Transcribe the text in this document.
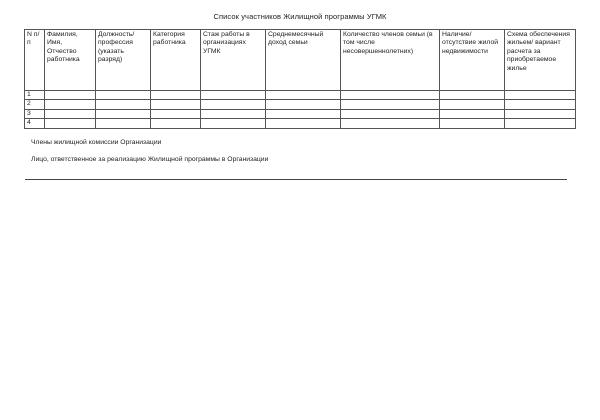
Список участников Жилищной программы УГМК
N п/п	Фамилия, Имя, Отчество работника	Должность/ профессия (указать разряд)	Категория работника	Стаж работы в организациях УГМК	Среднемесячный доход семьи	Количество членов семьи (в том числе несовершеннолетних)	Наличие/ отсутствие жилой недвижимости	Схема обеспечения жильем/ вариант расчета за приобретаемое жилье
1								
2								
3								
4								
Члены жилищной комиссии Организации
Лицо, ответственное за реализацию Жилищной программы в Организации
